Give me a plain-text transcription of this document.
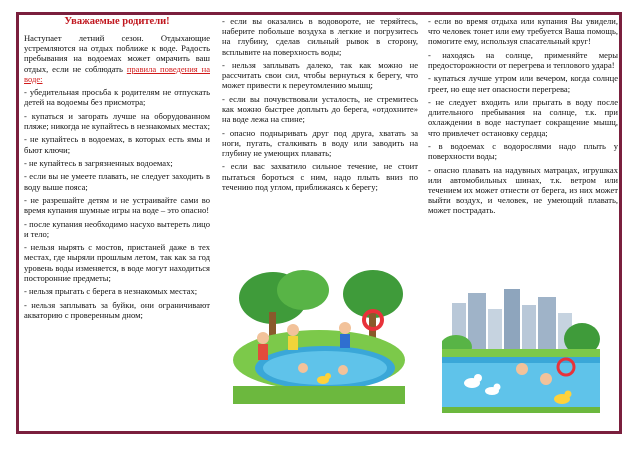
Уважаемые родители!

Наступает летний сезон. Отдыхающие устремляются на отдых поближе к воде. Радость пребывания на водоемах может омрачить ваш отдых, если не соблюдать правила поведения на воде:

- убедительная просьба к родителям не отпускать детей на водоемы без присмотра;

- купаться и загорать лучше на оборудованном пляже; никогда не купайтесь в незнакомых местах;

- не купайтесь в водоемах, в которых есть ямы и бьют ключи;

- не купайтесь в загрязненных водоемах;

- если вы не умеете плавать, не следует заходить в воду выше пояса;

- не разрешайте детям и не устраивайте сами во время купания шумные игры на воде – это опасно!

- после купания необходимо насухо вытереть лицо и тело;

- нельзя нырять с мостов, пристаней даже в тех местах, где ныряли прошлым летом, так как за год уровень воды изменяется, в воде могут находиться посторонние предметы;

- нельзя прыгать с берега в незнакомых местах;

- нельзя заплывать за буйки, они ограничивают акваторию с проверенным дном;

- если вы оказались в водовороте, не теряйтесь, наберите побольше воздуха в легкие и погрузитесь на глубину, сделав сильный рывок в сторону, всплывите на поверхность воды;

- нельзя заплывать далеко, так как можно не рассчитать свои сил, чтобы вернуться к берегу, что может привести к переутомлению мышц;

- если вы почувствовали усталость, не стремитесь как можно быстрее доплыть до берега, «отдохните» на воде лежа на спине;

- опасно подныривать друг под друга, хватать за ноги, пугать, сталкивать в воду или заводить на глубину не умеющих плавать;

- если вас захватило сильное течение, не стоит пытаться бороться с ним, надо плыть вниз по течению под углом, приближаясь к берегу;

- если во время отдыха или купания Вы увидели, что человек тонет или ему требуется Ваша помощь, помогите ему, используя спасательный круг!

- находясь на солнце, применяйте меры предосторожности от перегрева и теплового удара!

- купаться лучше утром или вечером, когда солнце греет, но еще нет опасности перегрева;

- не следует входить или прыгать в воду после длительного пребывания на солнце, т.к. при охлаждении в воде наступает сокращение мышц, что привлечет остановку сердца;

- в водоемах с водорослями надо плыть у поверхности воды;

- опасно плавать на надувных матрацах, игрушках или автомобильных шинах, т.к. ветром или течением их может отнести от берега, из них может выйти воздух, и человек, не умеющий плавать, может пострадать.
